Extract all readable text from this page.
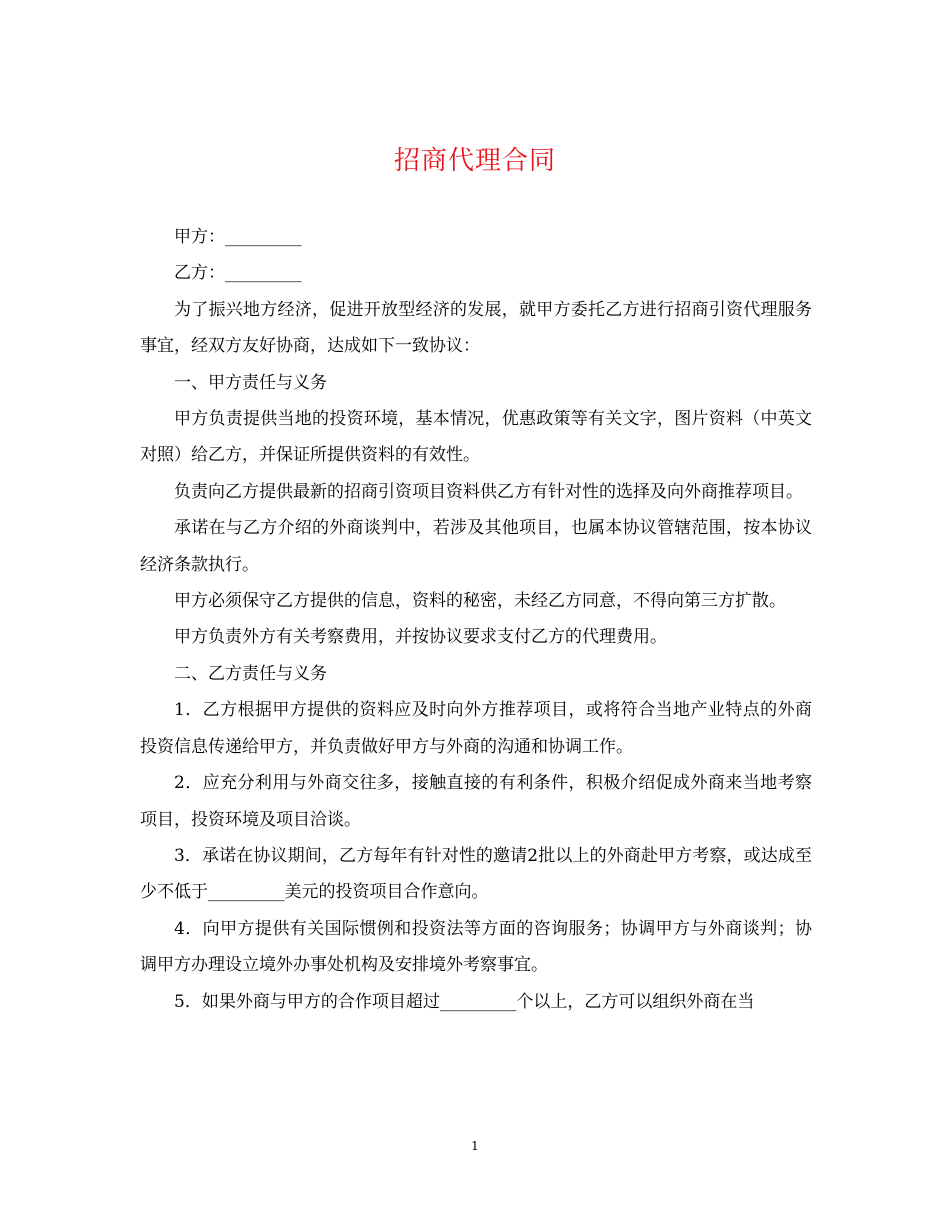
招商代理合同

甲方：_________

乙方：_________

为了振兴地方经济，促进开放型经济的发展，就甲方委托乙方进行招商引资代理服务事宜，经双方友好协商，达成如下一致协议：

一、甲方责任与义务

甲方负责提供当地的投资环境，基本情况，优惠政策等有关文字，图片资料（中英文对照）给乙方，并保证所提供资料的有效性。

负责向乙方提供最新的招商引资项目资料供乙方有针对性的选择及向外商推荐项目。

承诺在与乙方介绍的外商谈判中，若涉及其他项目，也属本协议管辖范围，按本协议经济条款执行。

甲方必须保守乙方提供的信息，资料的秘密，未经乙方同意，不得向第三方扩散。

甲方负责外方有关考察费用，并按协议要求支付乙方的代理费用。

二、乙方责任与义务

1．乙方根据甲方提供的资料应及时向外方推荐项目，或将符合当地产业特点的外商投资信息传递给甲方，并负责做好甲方与外商的沟通和协调工作。

2．应充分利用与外商交往多，接触直接的有利条件，积极介绍促成外商来当地考察项目，投资环境及项目洽谈。

3．承诺在协议期间，乙方每年有针对性的邀请2批以上的外商赴甲方考察，或达成至少不低于_________美元的投资项目合作意向。

4．向甲方提供有关国际惯例和投资法等方面的咨询服务；协调甲方与外商谈判；协调甲方办理设立境外办事处机构及安排境外考察事宜。

5．如果外商与甲方的合作项目超过_________个以上，乙方可以组织外商在当

1
